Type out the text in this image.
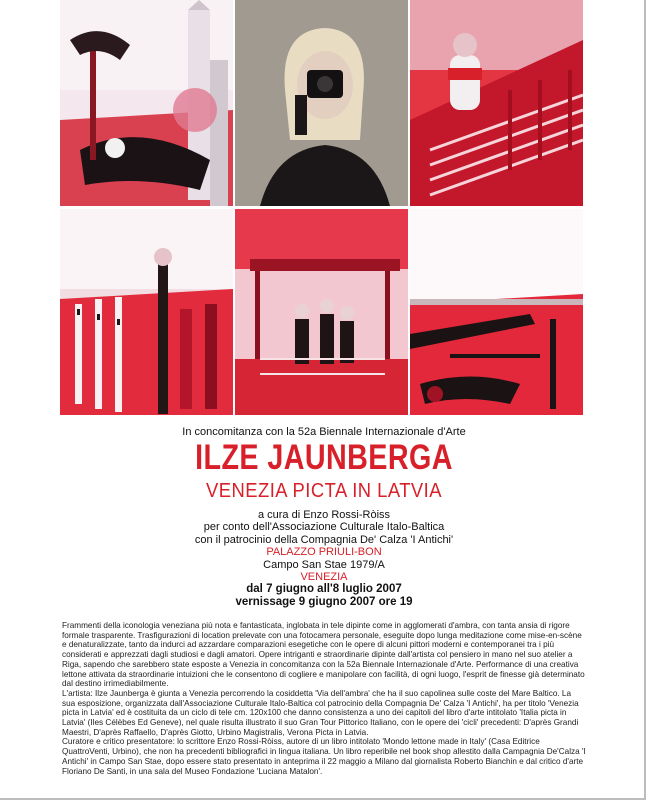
In concomitanza con la 52a Biennale Internazionale d'Arte
ILZE JAUNBERGA
VENEZIA PICTA IN LATVIA
a cura di Enzo Rossi-Ròiss
per conto dell'Associazione Culturale Italo-Baltica
con il patrocinio della Compagnia De' Calza 'I Antichi'
PALAZZO PRIULI-BON
Campo San Stae 1979/A
VENEZIA
dal 7 giugno all'8 luglio 2007
vernissage 9 giugno 2007 ore 19

Frammenti della iconologia veneziana più nota e fantasticata, inglobata in tele dipinte come in agglomerati d'ambra, con tanta ansia di rigore formale trasparente. Trasfigurazioni di location prelevate con una fotocamera personale, eseguite dopo lunga meditazione come mise-en-scène e denaturalizzate, tanto da indurci ad azzardare comparazioni esegetiche con le opere di alcuni pittori moderni e contemporanei tra i più considerati e apprezzati dagli studiosi e dagli amatori. Opere intriganti e straordinarie dipinte dall'artista col pensiero in mano nel suo atelier a Riga, sapendo che sarebbero state esposte a Venezia in concomitanza con la 52a Biennale Internazionale d'Arte. Performance di una creativa lettone attivata da straordinarie intuizioni che le consentono di cogliere e manipolare con facilità, di ogni luogo, l'esprit de finesse già determinato dal destino irrimediabilmente.

L'artista: Ilze Jaunberga è giunta a Venezia percorrendo la cosiddetta 'Via dell'ambra' che ha il suo capolinea sulle coste del Mare Baltico. La sua esposizione, organizzata dall'Associazione Culturale Italo-Baltica col patrocinio della Compagnia De' Calza 'I Antichi', ha per titolo 'Venezia picta in Latvia' ed è costituita da un ciclo di tele cm. 120x100 che danno consistenza a uno dei capitoli del libro d'arte intitolato 'Italia picta in Latvia' (Iles Célèbes Ed Geneve), nel quale risulta illustrato il suo Gran Tour Pittorico Italiano, con le opere dei 'cicli' precedenti: D'après Grandi Maestri, D'après Raffaello, D'après Giotto, Urbino Magistralis, Verona Picta in Latvia.

Curatore e critico presentatore: lo scrittore Enzo Rossi-Ròiss, autore di un libro intitolato 'Mondo lettone made in Italy' (Casa Editrice QuattroVenti, Urbino), che non ha precedenti bibliografici in lingua italiana. Un libro reperibile nel book shop allestito dalla Campagnia De'Calza 'I Antichi' in Campo San Stae, dopo essere stato presentato in anteprima il 22 maggio a Milano dal giornalista Roberto Bianchin e dal critico d'arte Floriano De Santi, in una sala del Museo Fondazione 'Luciana Matalon'.
